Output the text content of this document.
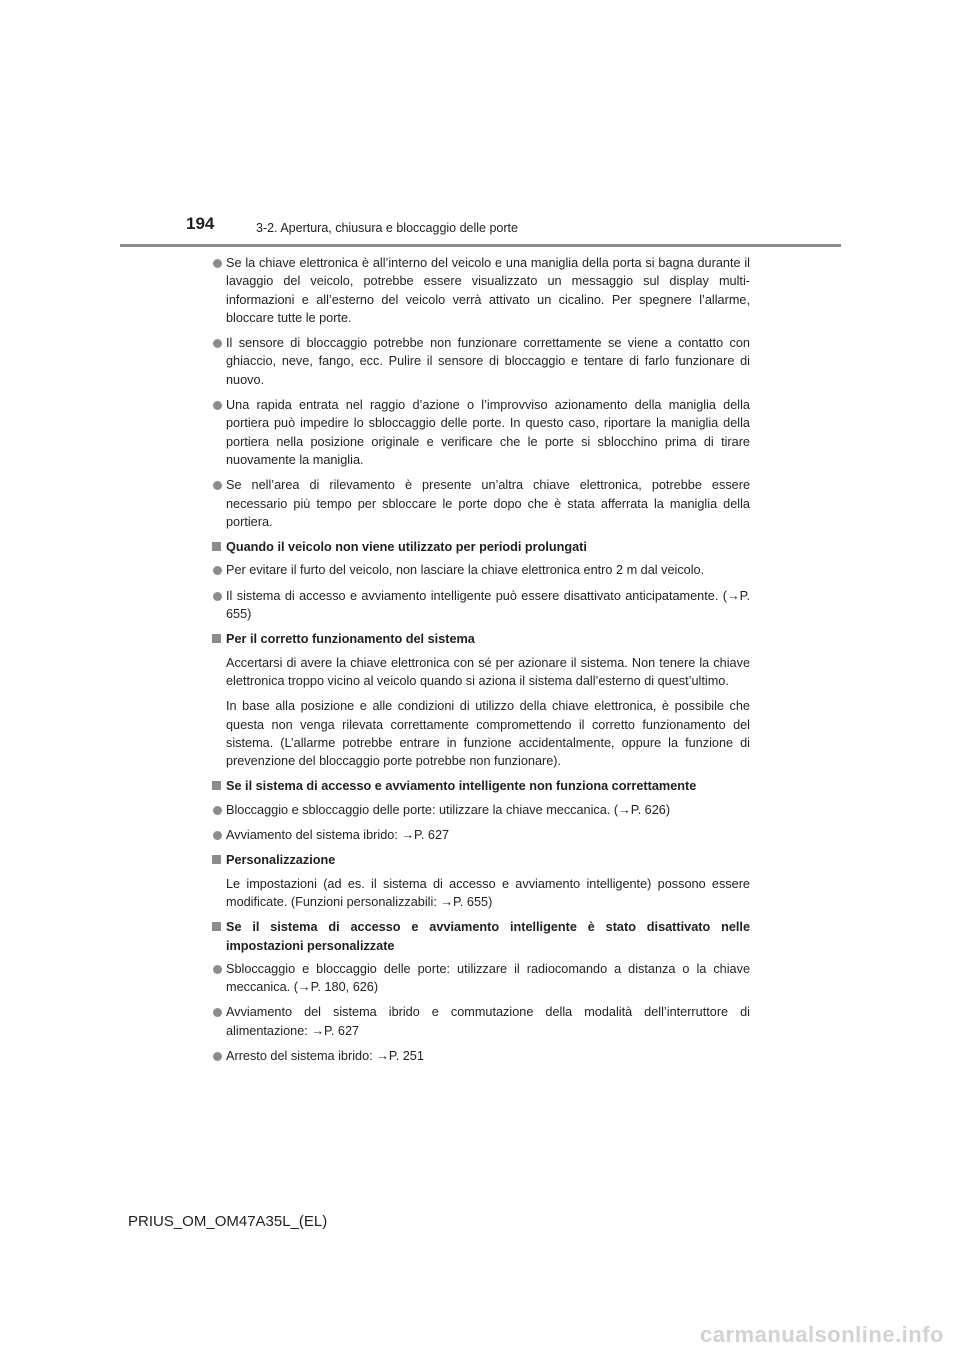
194	3-2. Apertura, chiusura e bloccaggio delle porte
Se la chiave elettronica è all’interno del veicolo e una maniglia della porta si bagna durante il lavaggio del veicolo, potrebbe essere visualizzato un messaggio sul display multi-informazioni e all’esterno del veicolo verrà attivato un cicalino. Per spegnere l’allarme, bloccare tutte le porte.
Il sensore di bloccaggio potrebbe non funzionare correttamente se viene a contatto con ghiaccio, neve, fango, ecc. Pulire il sensore di bloccaggio e tentare di farlo funzionare di nuovo.
Una rapida entrata nel raggio d’azione o l’improvviso azionamento della maniglia della portiera può impedire lo sbloccaggio delle porte. In questo caso, riportare la maniglia della portiera nella posizione originale e verificare che le porte si sblocchino prima di tirare nuovamente la maniglia.
Se nell’area di rilevamento è presente un’altra chiave elettronica, potrebbe essere necessario più tempo per sbloccare le porte dopo che è stata afferrata la maniglia della portiera.
Quando il veicolo non viene utilizzato per periodi prolungati
Per evitare il furto del veicolo, non lasciare la chiave elettronica entro 2 m dal veicolo.
Il sistema di accesso e avviamento intelligente può essere disattivato anticipatamente. (→P. 655)
Per il corretto funzionamento del sistema
Accertarsi di avere la chiave elettronica con sé per azionare il sistema. Non tenere la chiave elettronica troppo vicino al veicolo quando si aziona il sistema dall’esterno di quest’ultimo.
In base alla posizione e alle condizioni di utilizzo della chiave elettronica, è possibile che questa non venga rilevata correttamente compromettendo il corretto funzionamento del sistema. (L’allarme potrebbe entrare in funzione accidentalmente, oppure la funzione di prevenzione del bloccaggio porte potrebbe non funzionare).
Se il sistema di accesso e avviamento intelligente non funziona correttamente
Bloccaggio e sbloccaggio delle porte: utilizzare la chiave meccanica. (→P. 626)
Avviamento del sistema ibrido: →P. 627
Personalizzazione
Le impostazioni (ad es. il sistema di accesso e avviamento intelligente) possono essere modificate. (Funzioni personalizzabili: →P. 655)
Se il sistema di accesso e avviamento intelligente è stato disattivato nelle impostazioni personalizzate
Sbloccaggio e bloccaggio delle porte: utilizzare il radiocomando a distanza o la chiave meccanica. (→P. 180, 626)
Avviamento del sistema ibrido e commutazione della modalità dell’interruttore di alimentazione: →P. 627
Arresto del sistema ibrido: →P. 251
PRIUS_OM_OM47A35L_(EL)
carmanualsonline.info
